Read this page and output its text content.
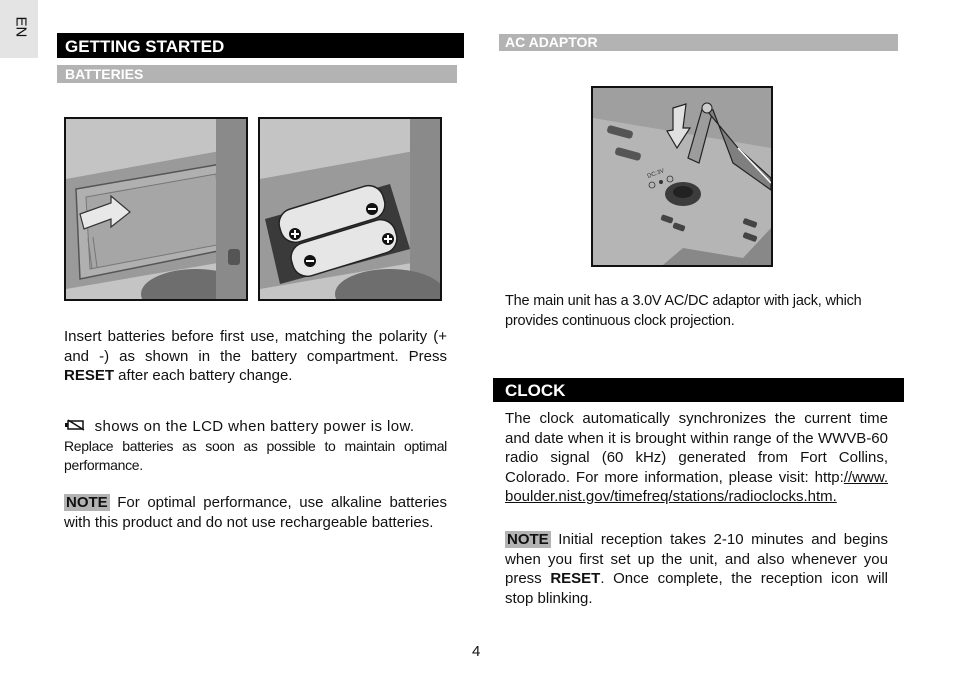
EN
GETTING STARTED
BATTERIES

Insert batteries before first use, matching the polarity (+ and -) as shown in the battery compartment. Press RESET after each battery change.

shows on the LCD when battery power is low.
Replace batteries as soon as possible to maintain optimal performance.

NOTE For optimal performance, use alkaline batteries with this product and do not use rechargeable batteries.

AC ADAPTOR
DC:3V

The main unit has a 3.0V AC/DC adaptor with jack, which provides continuous clock projection.

CLOCK

The clock automatically synchronizes the current time and date when it is brought within range of the WWVB-60 radio signal (60 kHz) generated from Fort Collins, Colorado. For more information, please visit: http://www. boulder.nist.gov/timefreq/stations/radioclocks.htm.

NOTE Initial reception takes 2-10 minutes and begins when you first set up the unit, and also whenever you press RESET. Once complete, the reception icon will stop blinking.

4
